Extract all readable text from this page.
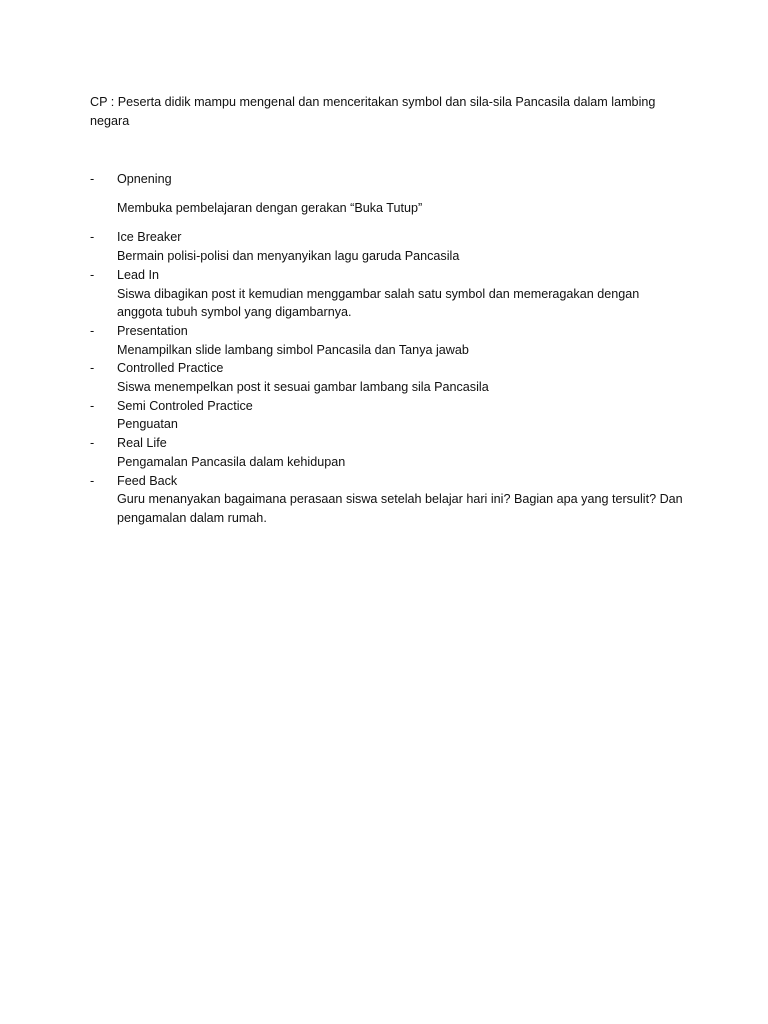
CP : Peserta didik mampu mengenal dan menceritakan symbol dan sila-sila Pancasila dalam lambing negara

- Opnening
Membuka pembelajaran dengan gerakan “Buka Tutup”
- Ice Breaker
Bermain polisi-polisi dan menyanyikan lagu garuda Pancasila
- Lead In
Siswa dibagikan post it kemudian menggambar salah satu symbol dan memeragakan dengan anggota tubuh symbol yang digambarnya.
- Presentation
Menampilkan slide lambang simbol Pancasila dan Tanya jawab
- Controlled Practice
Siswa menempelkan post it sesuai gambar lambang sila Pancasila
- Semi Controled Practice
Penguatan
- Real Life
Pengamalan Pancasila dalam kehidupan
- Feed Back
Guru menanyakan bagaimana perasaan siswa setelah belajar hari ini? Bagian apa yang tersulit? Dan pengamalan dalam rumah.
